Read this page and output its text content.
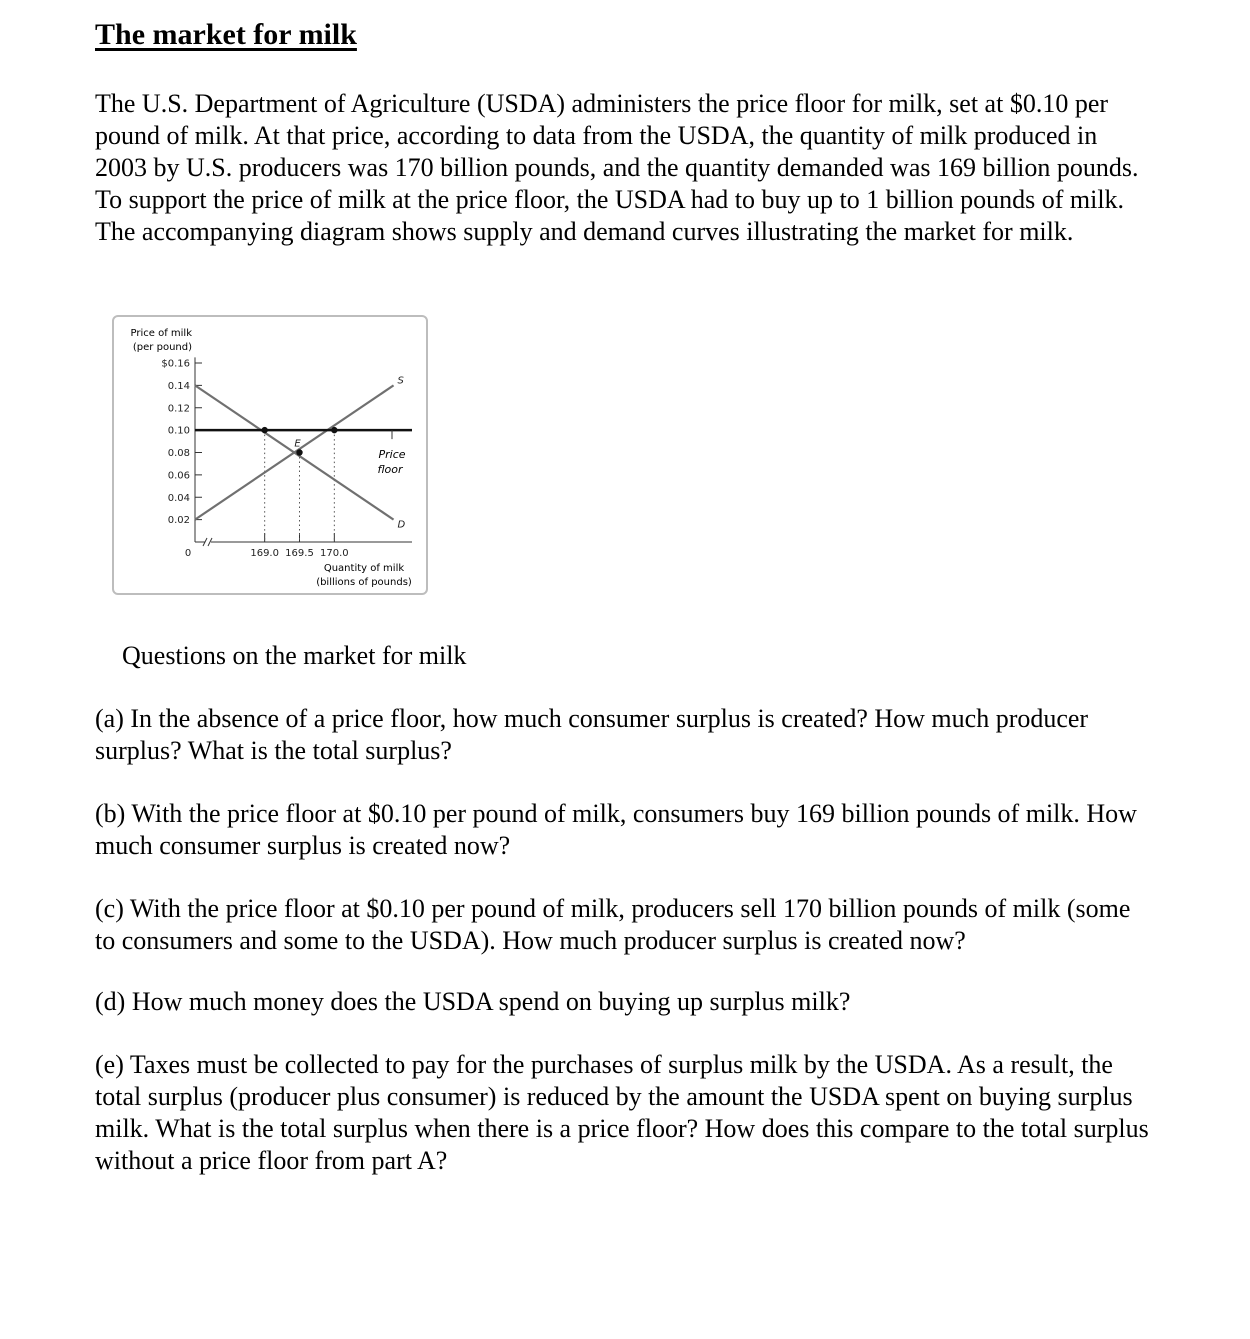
The market for milk

The U.S. Department of Agriculture (USDA) administers the price floor for milk, set at $0.10 per pound of milk. At that price, according to data from the USDA, the quantity of milk produced in 2003 by U.S. producers was 170 billion pounds, and the quantity demanded was 169 billion pounds. To support the price of milk at the price floor, the USDA had to buy up to 1 billion pounds of milk. The accompanying diagram shows supply and demand curves illustrating the market for milk.

Price of milk
(per pound)
Quantity of milk
(billions of pounds)
Price
floor
$0.16
0.14
0.12
0.10
0.08
0.06
0.04
0.02
0	169.0 169.5 170.0
S
D
E

Questions on the market for milk

(a) In the absence of a price floor, how much consumer surplus is created? How much producer surplus? What is the total surplus?

(b) With the price floor at $0.10 per pound of milk, consumers buy 169 billion pounds of milk. How much consumer surplus is created now?

(c) With the price floor at $0.10 per pound of milk, producers sell 170 billion pounds of milk (some to consumers and some to the USDA). How much producer surplus is created now?

(d) How much money does the USDA spend on buying up surplus milk?

(e) Taxes must be collected to pay for the purchases of surplus milk by the USDA. As a result, the total surplus (producer plus consumer) is reduced by the amount the USDA spent on buying surplus milk. What is the total surplus when there is a price floor? How does this compare to the total surplus without a price floor from part A?
